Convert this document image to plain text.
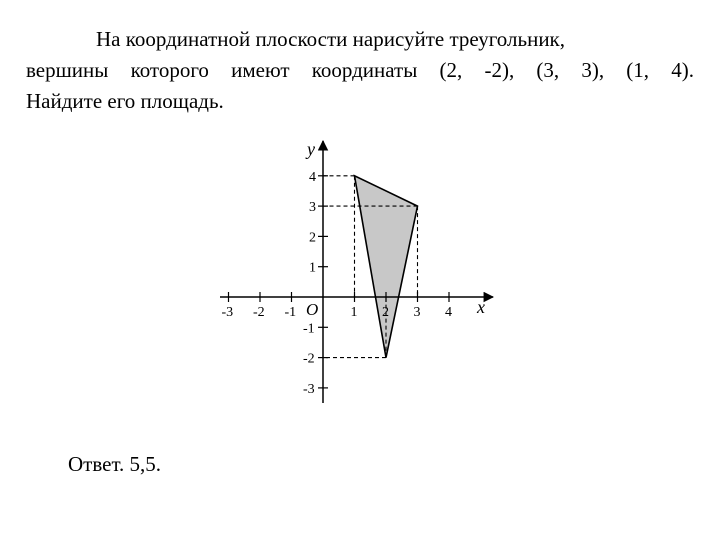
На координатной плоскости нарисуйте треугольник,
вершины которого имеют координаты (2, -2), (3, 3), (1, 4).
Найдите его площадь.
-3 -2 -1	1 2 3 4
-3
-2
-1
1
2
3
4
x
y
O
Ответ. 5,5.
